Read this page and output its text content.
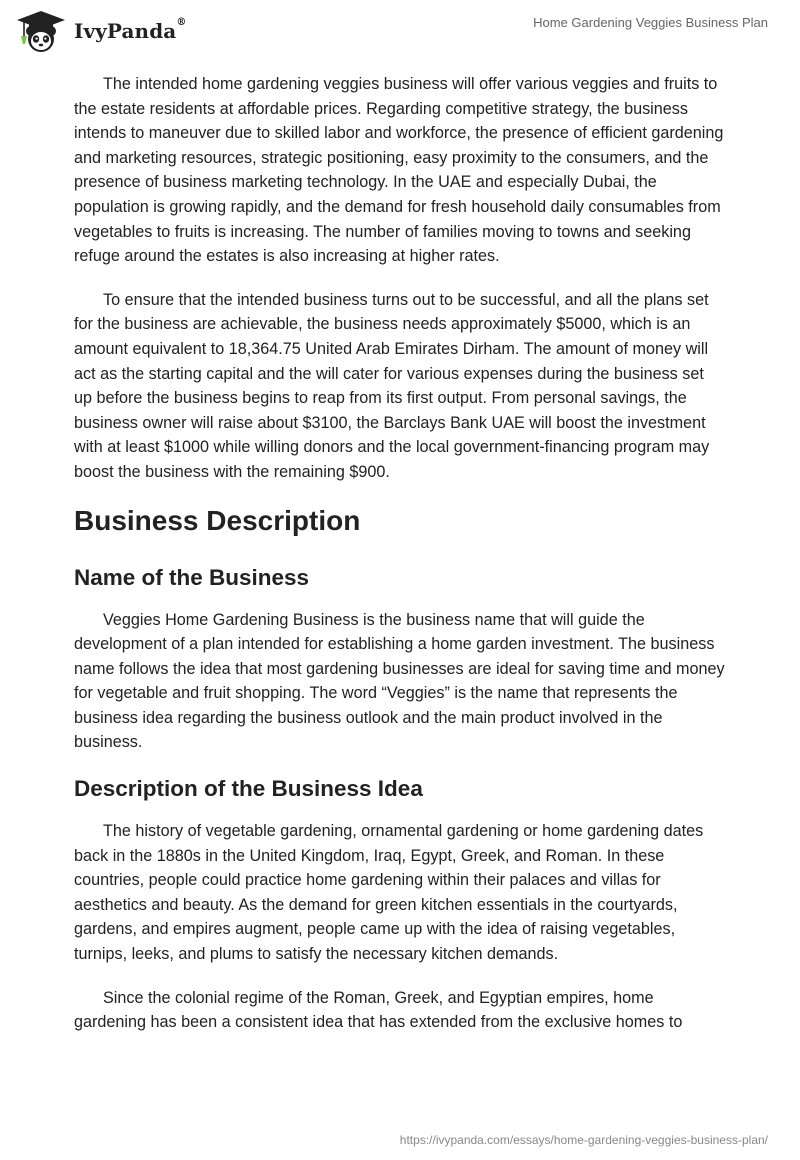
IvyPanda®	Home Gardening Veggies Business Plan

The intended home gardening veggies business will offer various veggies and fruits to the estate residents at affordable prices. Regarding competitive strategy, the business intends to maneuver due to skilled labor and workforce, the presence of efficient gardening and marketing resources, strategic positioning, easy proximity to the consumers, and the presence of business marketing technology. In the UAE and especially Dubai, the population is growing rapidly, and the demand for fresh household daily consumables from vegetables to fruits is increasing. The number of families moving to towns and seeking refuge around the estates is also increasing at higher rates.

To ensure that the intended business turns out to be successful, and all the plans set for the business are achievable, the business needs approximately $5000, which is an amount equivalent to 18,364.75 United Arab Emirates Dirham. The amount of money will act as the starting capital and the will cater for various expenses during the business set up before the business begins to reap from its first output. From personal savings, the business owner will raise about $3100, the Barclays Bank UAE will boost the investment with at least $1000 while willing donors and the local government-financing program may boost the business with the remaining $900.

Business Description
Name of the Business

Veggies Home Gardening Business is the business name that will guide the development of a plan intended for establishing a home garden investment. The business name follows the idea that most gardening businesses are ideal for saving time and money for vegetable and fruit shopping. The word “Veggies” is the name that represents the business idea regarding the business outlook and the main product involved in the business.

Description of the Business Idea

The history of vegetable gardening, ornamental gardening or home gardening dates back in the 1880s in the United Kingdom, Iraq, Egypt, Greek, and Roman. In these countries, people could practice home gardening within their palaces and villas for aesthetics and beauty. As the demand for green kitchen essentials in the courtyards, gardens, and empires augment, people came up with the idea of raising vegetables, turnips, leeks, and plums to satisfy the necessary kitchen demands.

Since the colonial regime of the Roman, Greek, and Egyptian empires, home gardening has been a consistent idea that has extended from the exclusive homes to

https://ivypanda.com/essays/home-gardening-veggies-business-plan/
